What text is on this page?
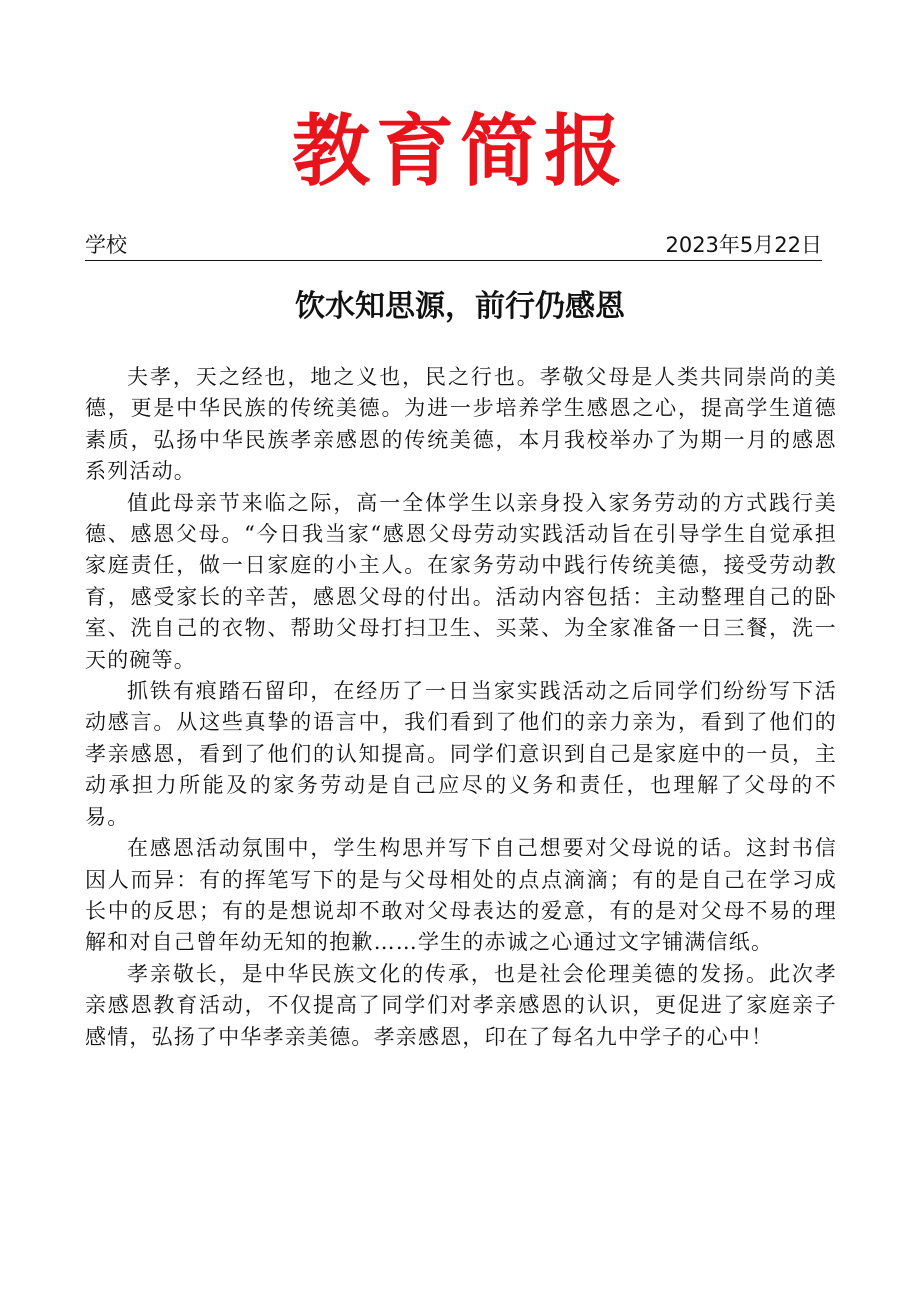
教育简报
学校	2023年5月22日
饮水知思源，前行仍感恩

夫孝，天之经也，地之义也，民之行也。孝敬父母是人类共同崇尚的美德，更是中华民族的传统美德。为进一步培养学生感恩之心，提高学生道德素质，弘扬中华民族孝亲感恩的传统美德，本月我校举办了为期一月的感恩系列活动。

值此母亲节来临之际，高一全体学生以亲身投入家务劳动的方式践行美德、感恩父母。“今日我当家“感恩父母劳动实践活动旨在引导学生自觉承担家庭责任，做一日家庭的小主人。在家务劳动中践行传统美德，接受劳动教育，感受家长的辛苦，感恩父母的付出。活动内容包括：主动整理自己的卧室、洗自己的衣物、帮助父母打扫卫生、买菜、为全家准备一日三餐，洗一天的碗等。

抓铁有痕踏石留印，在经历了一日当家实践活动之后同学们纷纷写下活动感言。从这些真挚的语言中，我们看到了他们的亲力亲为，看到了他们的孝亲感恩，看到了他们的认知提高。同学们意识到自己是家庭中的一员，主动承担力所能及的家务劳动是自己应尽的义务和责任，也理解了父母的不易。

在感恩活动氛围中，学生构思并写下自己想要对父母说的话。这封书信因人而异：有的挥笔写下的是与父母相处的点点滴滴；有的是自己在学习成长中的反思；有的是想说却不敢对父母表达的爱意，有的是对父母不易的理解和对自己曾年幼无知的抱歉……学生的赤诚之心通过文字铺满信纸。

孝亲敬长，是中华民族文化的传承，也是社会伦理美德的发扬。此次孝亲感恩教育活动，不仅提高了同学们对孝亲感恩的认识，更促进了家庭亲子感情，弘扬了中华孝亲美德。孝亲感恩，印在了每名九中学子的心中！
